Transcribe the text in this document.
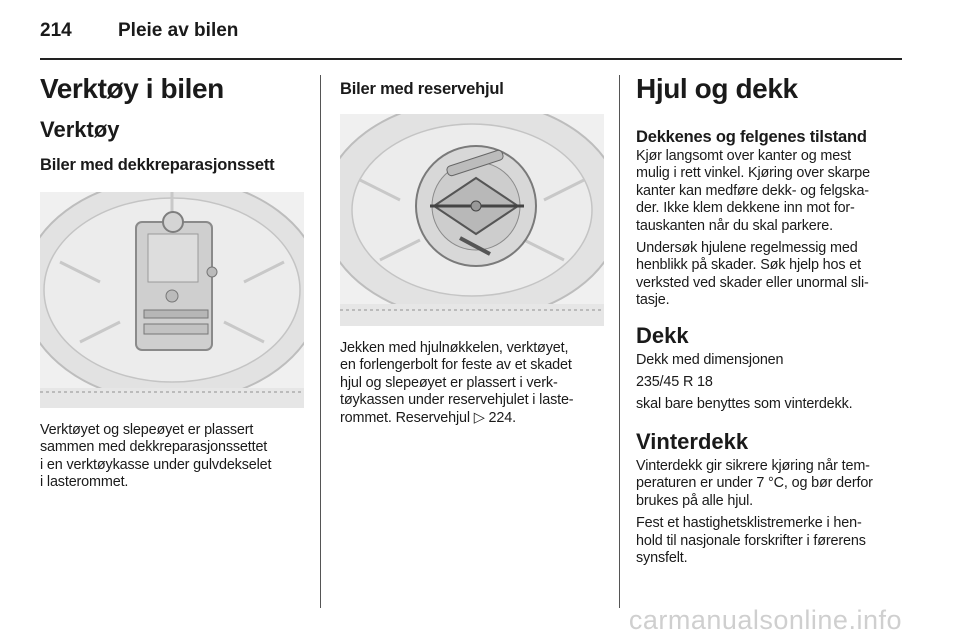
214 Pleie av bilen
Verktøy i bilen
Verktøy
Biler med dekkreparasjonssett
Verktøyet og slepeøyet er plassert
sammen med dekkreparasjonssettet
i en verktøykasse under gulvdekselet
i lasterommet.
Biler med reservehjul
Jekken med hjulnøkkelen, verktøyet,
en forlengerbolt for feste av et skadet
hjul og slepeøyet er plassert i verk-
tøykassen under reservehjulet i laste-
rommet. Reservehjul ▷ 224.
Hjul og dekk
Dekkenes og felgenes tilstand
Kjør langsomt over kanter og mest
mulig i rett vinkel. Kjøring over skarpe
kanter kan medføre dekk- og felgska-
der. Ikke klem dekkene inn mot for-
tauskanten når du skal parkere.
Undersøk hjulene regelmessig med
henblikk på skader. Søk hjelp hos et
verksted ved skader eller unormal sli-
tasje.
Dekk
Dekk med dimensjonen
235/45 R 18
skal bare benyttes som vinterdekk.
Vinterdekk
Vinterdekk gir sikrere kjøring når tem-
peraturen er under 7 °C, og bør derfor
brukes på alle hjul.
Fest et hastighetsklistremerke i hen-
hold til nasjonale forskrifter i førerens
synsfelt.
carmanualsonline.info
